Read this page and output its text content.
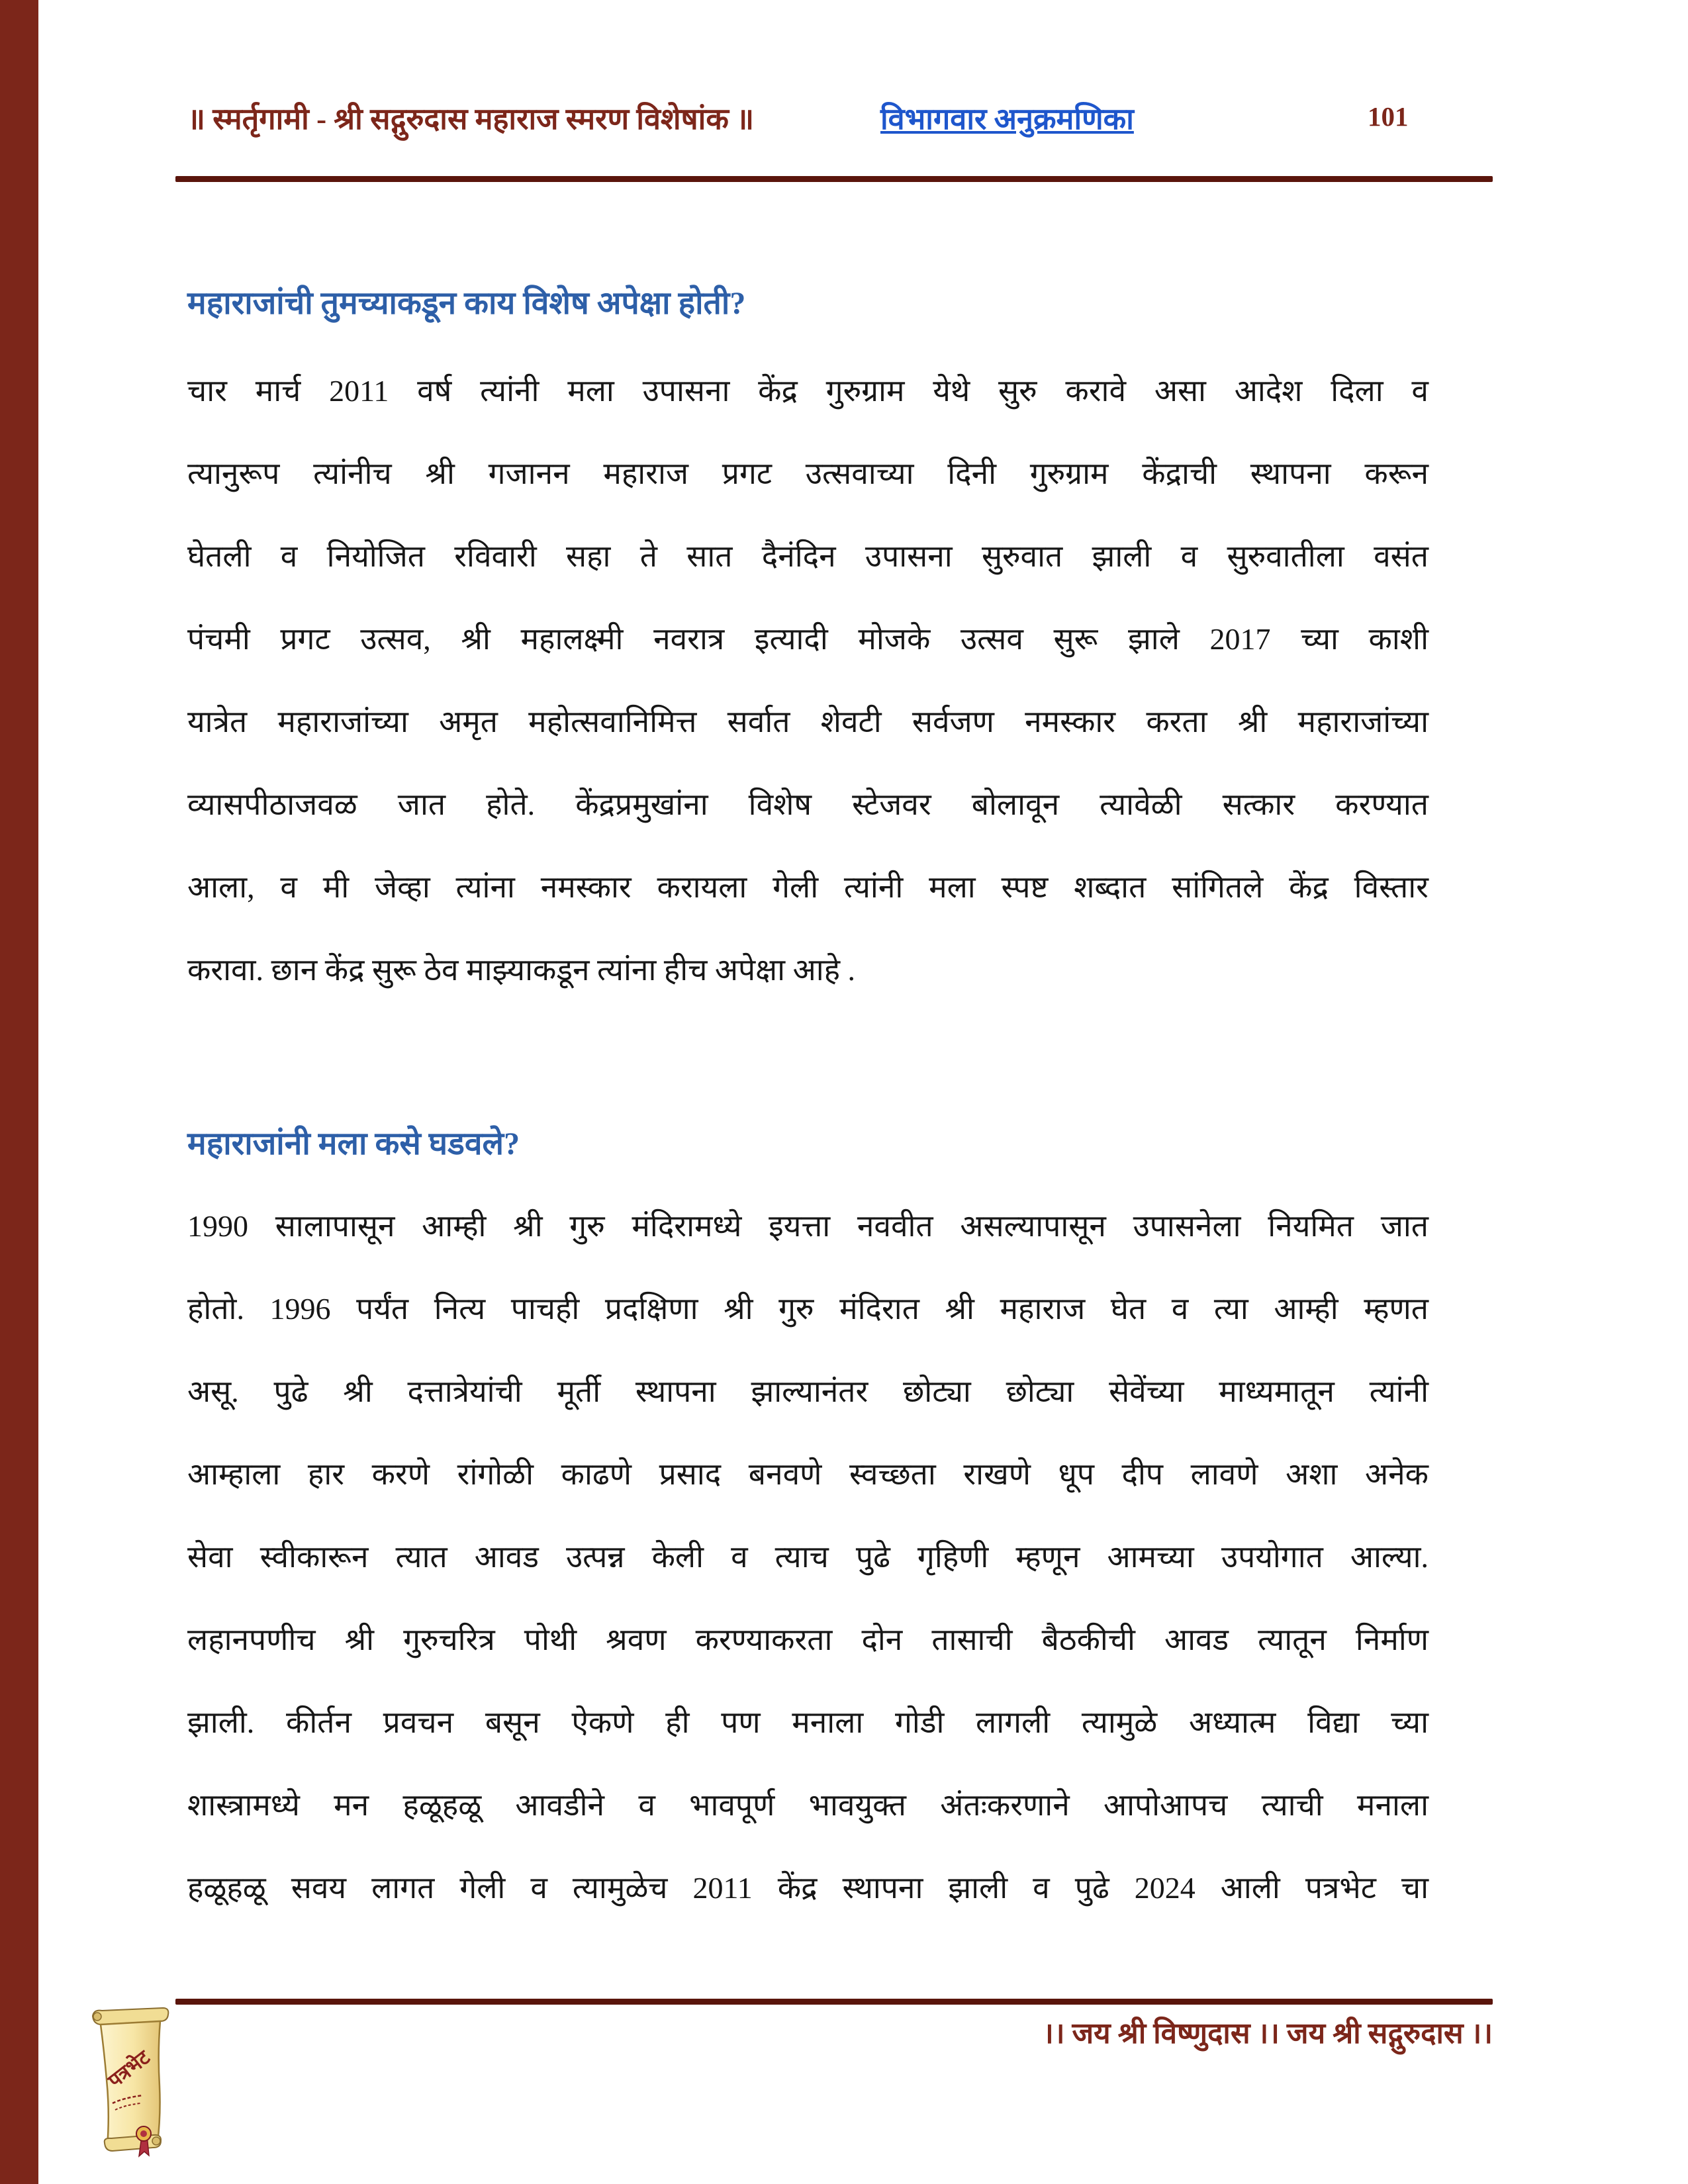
॥ स्मर्तृगामी - श्री सद्गुरुदास महाराज स्मरण विशेषांक ॥	विभागवार अनुक्रमणिका	101
महाराजांची तुमच्याकडून काय विशेष अपेक्षा होती?
चार मार्च 2011 वर्ष त्यांनी मला उपासना केंद्र गुरुग्राम येथे सुरु करावे असा आदेश दिला व
त्यानुरूप त्यांनीच श्री गजानन महाराज प्रगट उत्सवाच्या दिनी गुरुग्राम केंद्राची स्थापना करून
घेतली व नियोजित रविवारी सहा ते सात दैनंदिन उपासना सुरुवात झाली व सुरुवातीला वसंत
पंचमी प्रगट उत्सव, श्री महालक्ष्मी नवरात्र इत्यादी मोजके उत्सव सुरू झाले 2017 च्या काशी
यात्रेत महाराजांच्या अमृत महोत्सवानिमित्त सर्वात शेवटी सर्वजण नमस्कार करता श्री महाराजांच्या
व्यासपीठाजवळ जात होते. केंद्रप्रमुखांना विशेष स्टेजवर बोलावून त्यावेळी सत्कार करण्यात
आला, व मी जेव्हा त्यांना नमस्कार करायला गेली त्यांनी मला स्पष्ट शब्दात सांगितले केंद्र विस्तार
करावा. छान केंद्र सुरू ठेव माझ्याकडून त्यांना हीच अपेक्षा आहे .
महाराजांनी मला कसे घडवले?
1990 सालापासून आम्ही श्री गुरु मंदिरामध्ये इयत्ता नववीत असल्यापासून उपासनेला नियमित जात
होतो. 1996 पर्यंत नित्य पाचही प्रदक्षिणा श्री गुरु मंदिरात श्री महाराज घेत व त्या आम्ही म्हणत
असू. पुढे श्री दत्तात्रेयांची मूर्ती स्थापना झाल्यानंतर छोट्या छोट्या सेवेंच्या माध्यमातून त्यांनी
आम्हाला हार करणे रांगोळी काढणे प्रसाद बनवणे स्वच्छता राखणे धूप दीप लावणे अशा अनेक
सेवा स्वीकारून त्यात आवड उत्पन्न केली व त्याच पुढे गृहिणी म्हणून आमच्या उपयोगात आल्या.
लहानपणीच श्री गुरुचरित्र पोथी श्रवण करण्याकरता दोन तासाची बैठकीची आवड त्यातून निर्माण
झाली. कीर्तन प्रवचन बसून ऐकणे ही पण मनाला गोडी लागली त्यामुळे अध्यात्म विद्या च्या
शास्त्रामध्ये मन हळूहळू आवडीने व भावपूर्ण भावयुक्त अंतःकरणाने आपोआपच त्याची मनाला
हळूहळू सवय लागत गेली व त्यामुळेच 2011 केंद्र स्थापना झाली व पुढे 2024 आली पत्रभेट चा
।। जय श्री विष्णुदास ।। जय श्री सद्गुरुदास ।।
पत्रभेट
